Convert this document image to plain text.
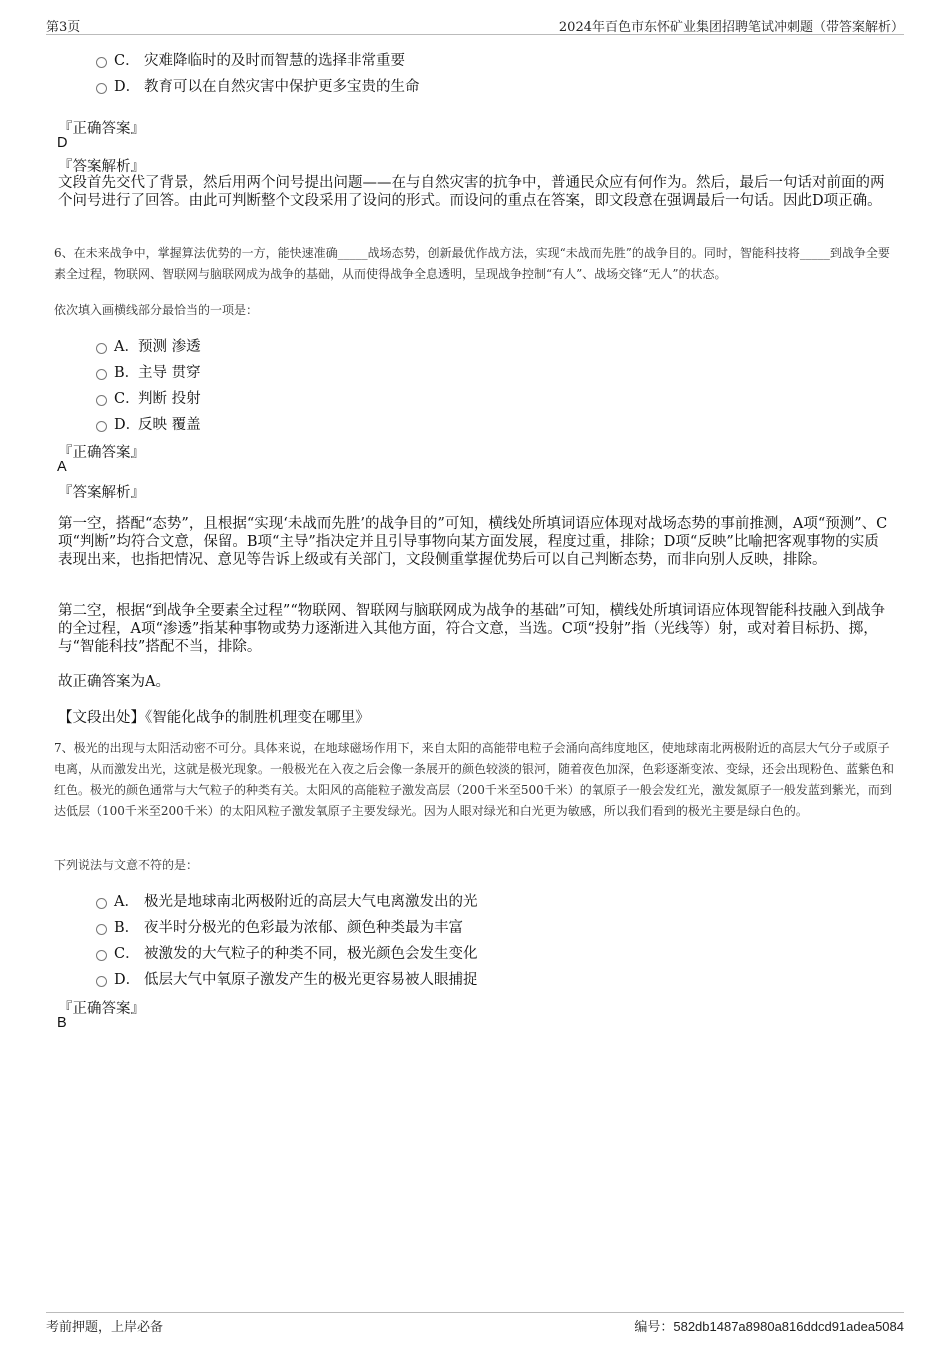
第3页	2024年百色市东怀矿业集团招聘笔试冲刺题（带答案解析）
C． 灾难降临时的及时而智慧的选择非常重要
D． 教育可以在自然灾害中保护更多宝贵的生命
『正确答案』
D
『答案解析』
文段首先交代了背景，然后用两个问号提出问题——在与自然灾害的抗争中，普通民众应有何作为。然后，最后一句话对前面的两个问号进行了回答。由此可判断整个文段采用了设问的形式。而设问的重点在答案，即文段意在强调最后一句话。因此D项正确。
6、在未来战争中，掌握算法优势的一方，能快速准确_____战场态势，创新最优作战方法，实现“未战而先胜”的战争目的。同时，智能科技将_____到战争全要素全过程，物联网、智联网与脑联网成为战争的基础，从而使得战争全息透明，呈现战争控制“有人”、战场交锋“无人”的状态。
依次填入画横线部分最恰当的一项是：
A．预测 渗透
B．主导 贯穿
C．判断 投射
D．反映 覆盖
『正确答案』
A
『答案解析』
第一空，搭配“态势”，且根据“实现‘未战而先胜’的战争目的”可知，横线处所填词语应体现对战场态势的事前推测，A项“预测”、C项“判断”均符合文意，保留。B项“主导”指决定并且引导事物向某方面发展，程度过重，排除；D项“反映”比喻把客观事物的实质表现出来，也指把情况、意见等告诉上级或有关部门，文段侧重掌握优势后可以自己判断态势，而非向别人反映，排除。
第二空，根据“到战争全要素全过程”“物联网、智联网与脑联网成为战争的基础”可知，横线处所填词语应体现智能科技融入到战争的全过程，A项“渗透”指某种事物或势力逐渐进入其他方面，符合文意，当选。C项“投射”指（光线等）射，或对着目标扔、掷，与“智能科技”搭配不当，排除。
故正确答案为A。
【文段出处】《智能化战争的制胜机理变在哪里》
7、极光的出现与太阳活动密不可分。具体来说，在地球磁场作用下，来自太阳的高能带电粒子会涌向高纬度地区，使地球南北两极附近的高层大气分子或原子电离，从而激发出光，这就是极光现象。一般极光在入夜之后会像一条展开的颜色较淡的银河，随着夜色加深，色彩逐渐变浓、变绿，还会出现粉色、蓝紫色和红色。极光的颜色通常与大气粒子的种类有关。太阳风的高能粒子激发高层（200千米至500千米）的氧原子一般会发红光，激发氮原子一般发蓝到紫光，而到达低层（100千米至200千米）的太阳风粒子激发氧原子主要发绿光。因为人眼对绿光和白光更为敏感，所以我们看到的极光主要是绿白色的。
下列说法与文意不符的是：
A． 极光是地球南北两极附近的高层大气电离激发出的光
B． 夜半时分极光的色彩最为浓郁、颜色种类最为丰富
C． 被激发的大气粒子的种类不同，极光颜色会发生变化
D． 低层大气中氧原子激发产生的极光更容易被人眼捕捉
『正确答案』
B
考前押题，上岸必备	编号：582db1487a8980a816ddcd91adea5084
